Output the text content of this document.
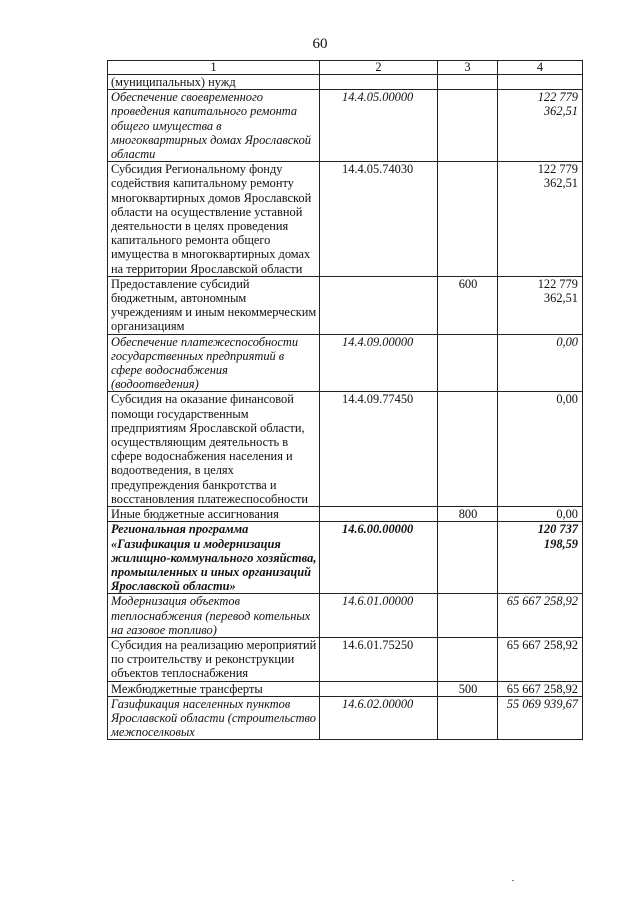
60
1	2	3	4
(муниципальных) нужд			
Обеспечение своевременного проведения капитального ремонта общего имущества в многоквартирных домах Ярославской области	14.4.05.00000		122 779 362,51
Субсидия Региональному фонду содействия капитальному ремонту многоквартирных домов Ярославской области на осуществление уставной деятельности в целях проведения капитального ремонта общего имущества в многоквартирных домах на территории Ярославской области	14.4.05.74030		122 779 362,51
Предоставление субсидий бюджетным, автономным учреждениям и иным некоммерческим организациям		600	122 779 362,51
Обеспечение платежеспособности государственных предприятий в сфере водоснабжения (водоотведения)	14.4.09.00000		0,00
Субсидия на оказание финансовой помощи государственным предприятиям Ярославской области, осуществляющим деятельность в сфере водоснабжения населения и водоотведения, в целях предупреждения банкротства и восстановления платежеспособности	14.4.09.77450		0,00
Иные бюджетные ассигнования		800	0,00
Региональная программа «Газификация и модернизация жилищно-коммунального хозяйства, промышленных и иных организаций Ярославской области»	14.6.00.00000		120 737 198,59
Модернизация объектов теплоснабжения (перевод котельных на газовое топливо)	14.6.01.00000		65 667 258,92
Субсидия на реализацию мероприятий по строительству и реконструкции объектов теплоснабжения	14.6.01.75250		65 667 258,92
Межбюджетные трансферты		500	65 667 258,92
Газификация населенных пунктов Ярославской области (строительство межпоселковых	14.6.02.00000		55 069 939,67
